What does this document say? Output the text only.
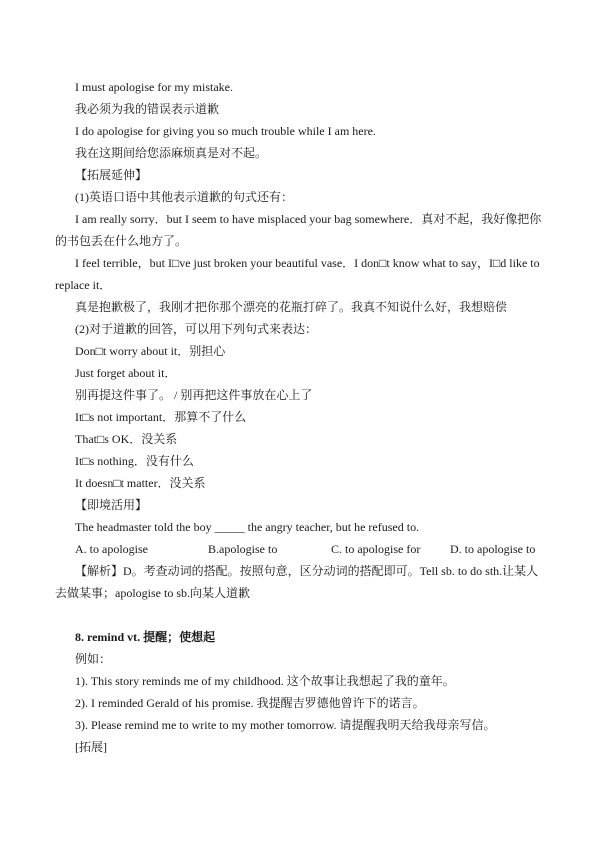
I must apologise for my mistake.
我必须为我的错误表示道歉
I do apologise for giving you so much trouble while I am here.
我在这期间给您添麻烦真是对不起。
【拓展延伸】
(1)英语口语中其他表示道歉的句式还有：
I am really sorry．but I seem to have misplaced your bag somewhere．真对不起，我好像把你
的书包丢在什么地方了。
I feel terrible，but I□ve just broken your beautiful vase．I don□t know what to say，I□d like to
replace it．
真是抱歉极了，我刚才把你那个漂亮的花瓶打碎了。我真不知说什么好，我想赔偿
(2)对于道歉的回答，可以用下列句式来表达：
Don□t worry about it．别担心
Just forget about it．
别再提这件事了。 / 别再把这件事放在心上了
It□s not important．那算不了什么
That□s OK．没关系
It□s nothing．没有什么
It doesn□t matter．没关系
【即境活用】
The headmaster told the boy _____ the angry teacher, but he refused to.
A. to apologise	B.apologise to	C. to apologise for D. to apologise to
【解析】D。考查动词的搭配。按照句意，区分动词的搭配即可。Tell sb. to do sth.让某人
去做某事；apologise to sb.向某人道歉
8. remind vt. 提醒；使想起
例如：
1). This story reminds me of my childhood. 这个故事让我想起了我的童年。
2). I reminded Gerald of his promise. 我提醒吉罗德他曾许下的诺言。
3). Please remind me to write to my mother tomorrow. 请提醒我明天给我母亲写信。
[拓展]
